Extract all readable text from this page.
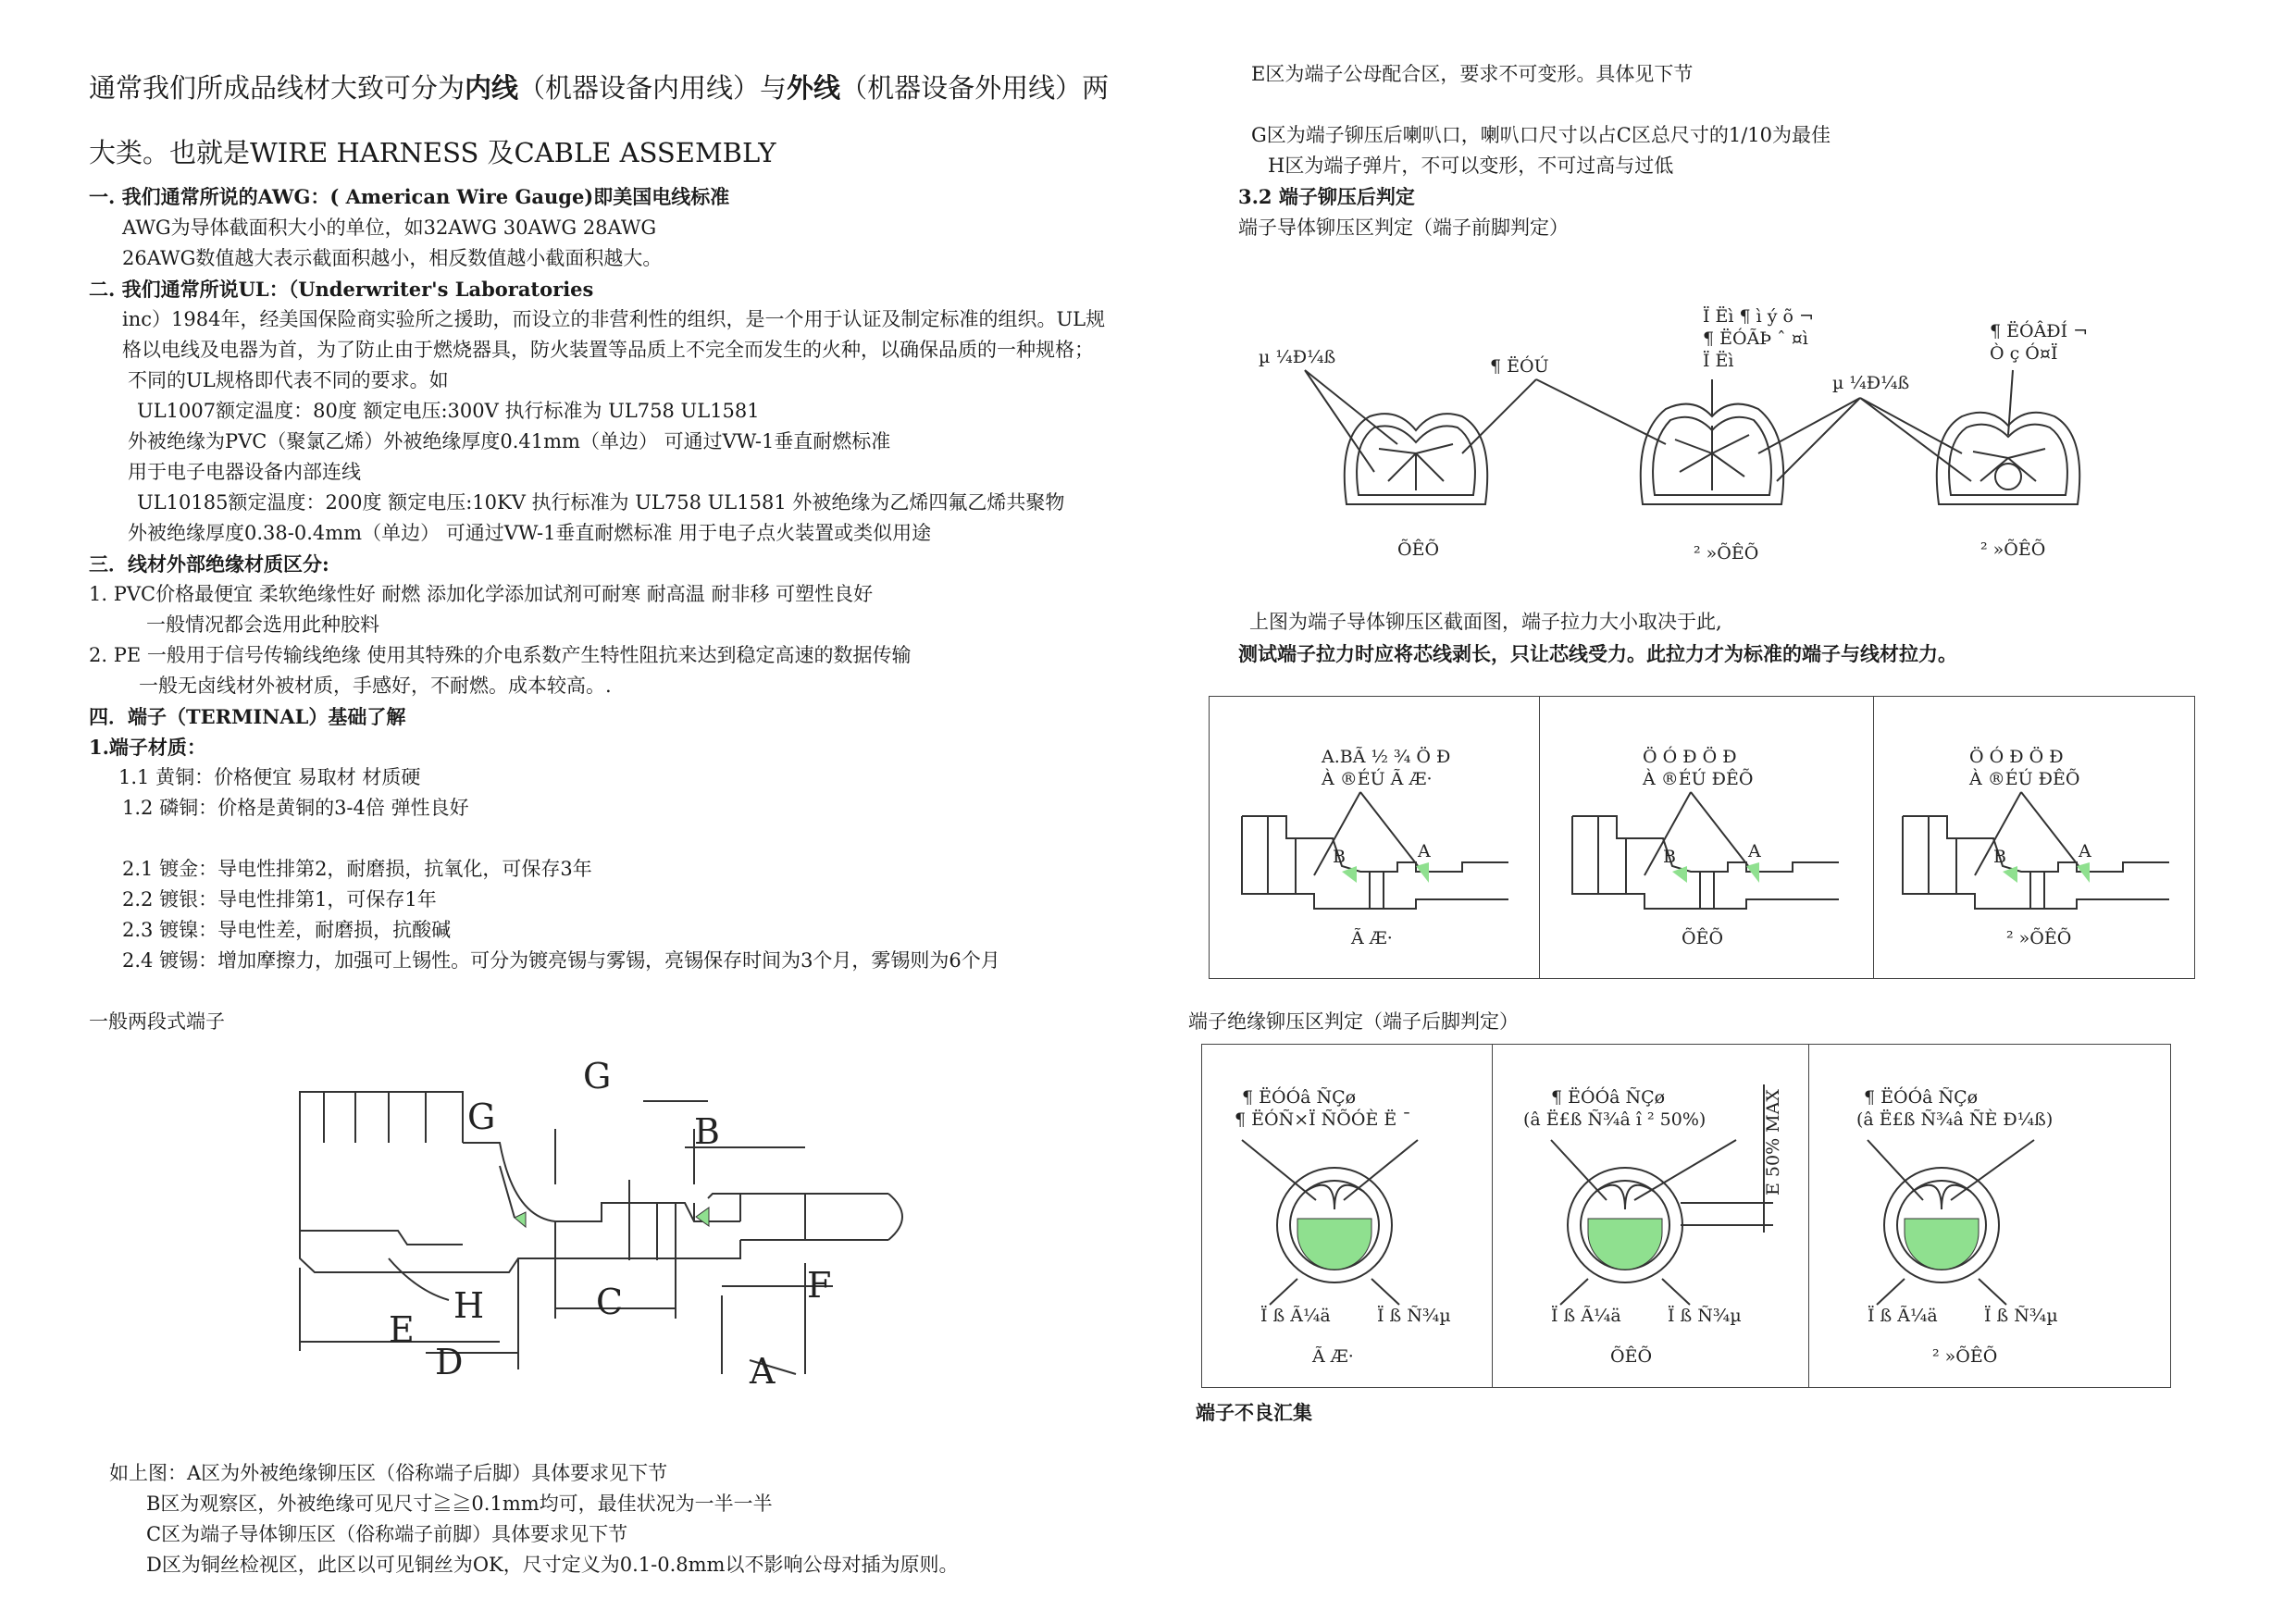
通常我们所成品线材大致可分为内线（机器设备内用线）与外线（机器设备外用线）两
大类。也就是WIRE HARNESS 及CABLE ASSEMBLY
一. 我们通常所说的AWG：( American Wire Gauge)即美国电线标准
AWG为导体截面积大小的单位，如32AWG 30AWG 28AWG
26AWG数值越大表示截面积越小，相反数值越小截面积越大。
二. 我们通常所说UL：（Underwriter's Laboratories
inc）1984年，经美国保险商实验所之援助，而设立的非营利性的组织，是一个用于认证及制定标准的组织。UL规
格以电线及电器为首，为了防止由于燃烧器具，防火装置等品质上不完全而发生的火种，以确保品质的一种规格；
不同的UL规格即代表不同的要求。如
UL1007额定温度：80度 额定电压:300V 执行标准为 UL758 UL1581
外被绝缘为PVC（聚氯乙烯）外被绝缘厚度0.41mm（单边） 可通过VW-1垂直耐燃标准
用于电子电器设备内部连线
UL10185额定温度：200度 额定电压:10KV 执行标准为 UL758 UL1581 外被绝缘为乙烯四氟乙烯共聚物
外被绝缘厚度0.38-0.4mm（单边） 可通过VW-1垂直耐燃标准 用于电子点火装置或类似用途
三．线材外部绝缘材质区分:
1. PVC价格最便宜 柔软绝缘性好 耐燃 添加化学添加试剂可耐寒 耐高温 耐非移 可塑性良好
一般情况都会选用此种胶料
2. PE 一般用于信号传输线绝缘 使用其特殊的介电系数产生特性阻抗来达到稳定高速的数据传输
一般无卤线材外被材质，手感好，不耐燃。成本较高。.
四．端子（TERMINAL）基础了解
1.端子材质：
1.1 黄铜：价格便宜 易取材 材质硬
1.2 磷铜：价格是黄铜的3-4倍 弹性良好
2.1 镀金：导电性排第2，耐磨损，抗氧化，可保存3年
2.2 镀银：导电性排第1，可保存1年
2.3 镀镍：导电性差，耐磨损，抗酸碱
2.4 镀锡：增加摩擦力，加强可上锡性。可分为镀亮锡与雾锡，亮锡保存时间为3个月，雾锡则为6个月
一般两段式端子
G
G
B
H	C
E
D	A
F
如上图：A区为外被绝缘铆压区（俗称端子后脚）具体要求见下节
B区为观察区，外被绝缘可见尺寸≧≧0.1mm均可，最佳状况为一半一半
C区为端子导体铆压区（俗称端子前脚）具体要求见下节
D区为铜丝检视区，此区以可见铜丝为OK，尺寸定义为0.1-0.8mm以不影响公母对插为原则。
E区为端子公母配合区，要求不可变形。具体见下节
G区为端子铆压后喇叭口，喇叭口尺寸以占C区总尺寸的1/10为最佳
H区为端子弹片，不可以变形，不可过高与过低
3.2 端子铆压后判定
端子导体铆压区判定（端子前脚判定）
µ ¼Ð¼ß	¶ ËÓÚ
Ï Ëì ¶ ì ý õ ¬
¶ ËÓÃÞ ˆ ¤ì
Ï Ëì
µ ¼Ð¼ß
¶ ËÓÂÐÍ ¬
Ò ç Ó¤Ï
ÕÊÕ	² »ÕÊÕ	² »ÕÊÕ
上图为端子导体铆压区截面图，端子拉力大小取决于此,
测试端子拉力时应将芯线剥长，只让芯线受力。此拉力才为标准的端子与线材拉力。
A.BÃ ½ ¾ Ö Ð
À ®ÉÚ Ã Æ·
B	A
Ã Æ·
Ö Ó Ð Ö Ð
À ®ÉÚ ÐÊÕ
B	A
ÕÊÕ
Ö Ó Ð Ö Ð
À ®ÉÚ ÐÊÕ
B	A
² »ÕÊÕ
端子绝缘铆压区判定（端子后脚判定）
¶ ËÓÓâ ÑÇø
¶ ËÓÑ×Ï ÑÕÓÈ Ë ¯
Ï ß Ã¼ä	Ï ß Ñ¾µ
Ã Æ·
¶ ËÓÓâ ÑÇø
(â Ë£ß Ñ¾â î ² 50%)	E 50% MAX
Ï ß Ã¼ä	Ï ß Ñ¾µ
ÕÊÕ
¶ ËÓÓâ ÑÇø
(â Ë£ß Ñ¾â ÑÈ Ð¼ß)
Ï ß Ã¼ä	Ï ß Ñ¾µ
² »ÕÊÕ
端子不良汇集
